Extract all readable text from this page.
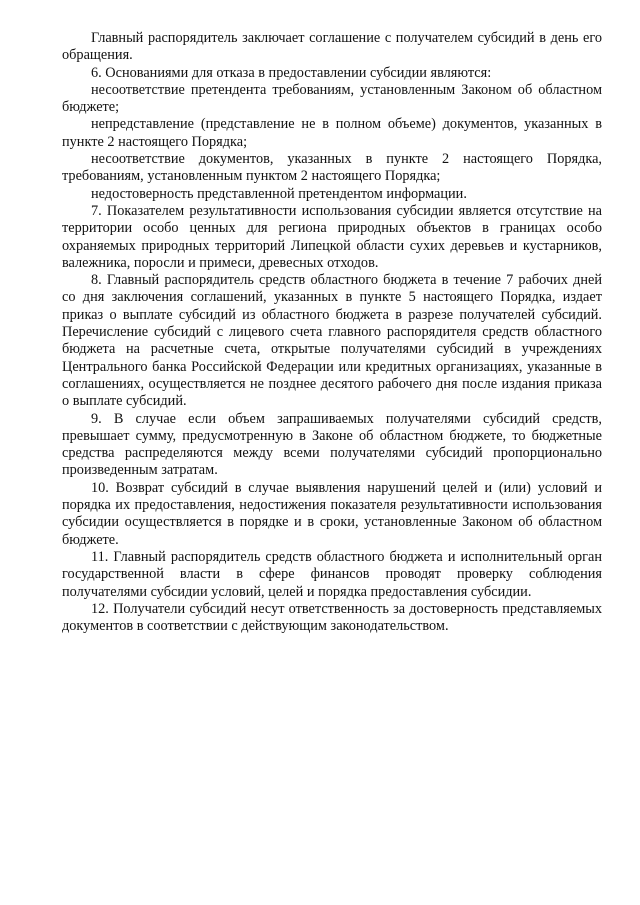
Главный распорядитель заключает соглашение с получателем субсидий в день его обращения.

6. Основаниями для отказа в предоставлении субсидии являются:

несоответствие претендента требованиям, установленным Законом об областном бюджете;

непредставление (представление не в полном объеме) документов, указанных в пункте 2 настоящего Порядка;

несоответствие документов, указанных в пункте 2 настоящего Порядка, требованиям, установленным пунктом 2 настоящего Порядка;

недостоверность представленной претендентом информации.

7. Показателем результативности использования субсидии является отсутствие на территории особо ценных для региона природных объектов в границах особо охраняемых природных территорий Липецкой области сухих деревьев и кустарников, валежника, поросли и примеси, древесных отходов.

8. Главный распорядитель средств областного бюджета в течение 7 рабочих дней со дня заключения соглашений, указанных в пункте 5 настоящего Порядка, издает приказ о выплате субсидий из областного бюджета в разрезе получателей субсидий. Перечисление субсидий с лицевого счета главного распорядителя средств областного бюджета на расчетные счета, открытые получателями субсидий в учреждениях Центрального банка Российской Федерации или кредитных организациях, указанные в соглашениях, осуществляется не позднее десятого рабочего дня после издания приказа о выплате субсидий.

9. В случае если объем запрашиваемых получателями субсидий средств, превышает сумму, предусмотренную в Законе об областном бюджете, то бюджетные средства распределяются между всеми получателями субсидий пропорционально произведенным затратам.

10. Возврат субсидий в случае выявления нарушений целей и (или) условий и порядка их предоставления, недостижения показателя результативности использования субсидии осуществляется в порядке и в сроки, установленные Законом об областном бюджете.

11. Главный распорядитель средств областного бюджета и исполнительный орган государственной власти в сфере финансов проводят проверку соблюдения получателями субсидии условий, целей и порядка предоставления субсидии.

12. Получатели субсидий несут ответственность за достоверность представляемых документов в соответствии с действующим законодательством.
